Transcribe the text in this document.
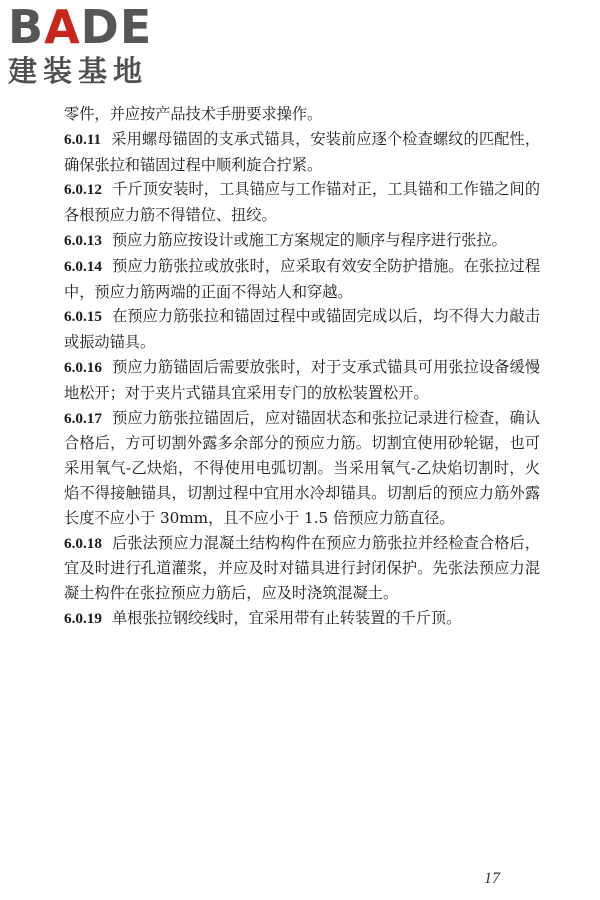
BADE
建装基地

零件，并应按产品技术手册要求操作。

6.0.11 采用螺母锚固的支承式锚具，安装前应逐个检查螺纹的匹配性，确保张拉和锚固过程中顺利旋合拧紧。

6.0.12 千斤顶安装时，工具锚应与工作锚对正，工具锚和工作锚之间的各根预应力筋不得错位、扭绞。

6.0.13 预应力筋应按设计或施工方案规定的顺序与程序进行张拉。

6.0.14 预应力筋张拉或放张时，应采取有效安全防护措施。在张拉过程中，预应力筋两端的正面不得站人和穿越。

6.0.15 在预应力筋张拉和锚固过程中或锚固完成以后，均不得大力敲击或振动锚具。

6.0.16 预应力筋锚固后需要放张时，对于支承式锚具可用张拉设备缓慢地松开；对于夹片式锚具宜采用专门的放松装置松开。

6.0.17 预应力筋张拉锚固后，应对锚固状态和张拉记录进行检查，确认合格后，方可切割外露多余部分的预应力筋。切割宜使用砂轮锯，也可采用氧气-乙炔焰，不得使用电弧切割。当采用氧气-乙炔焰切割时，火焰不得接触锚具，切割过程中宜用水冷却锚具。切割后的预应力筋外露长度不应小于 30mm，且不应小于 1.5 倍预应力筋直径。

6.0.18 后张法预应力混凝土结构构件在预应力筋张拉并经检查合格后，宜及时进行孔道灌浆，并应及时对锚具进行封闭保护。先张法预应力混凝土构件在张拉预应力筋后，应及时浇筑混凝土。

6.0.19 单根张拉钢绞线时，宜采用带有止转装置的千斤顶。

17
